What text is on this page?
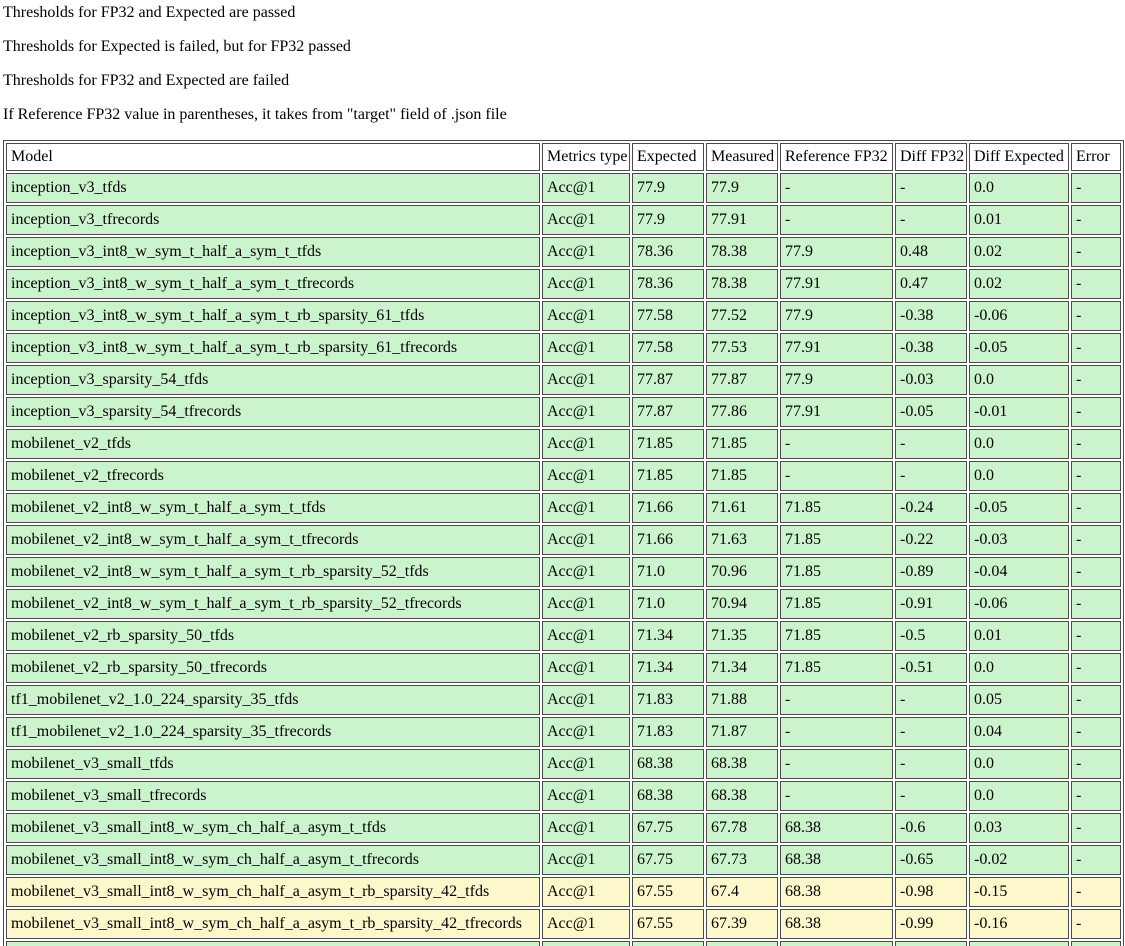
Thresholds for FP32 and Expected are passed

Thresholds for Expected is failed, but for FP32 passed

Thresholds for FP32 and Expected are failed

If Reference FP32 value in parentheses, it takes from "target" field of .json file

Model	Metrics type	Expected	Measured	Reference FP32	Diff FP32	Diff Expected	Error
inception_v3_tfds	Acc@1	77.9	77.9	-	-	0.0	-
inception_v3_tfrecords	Acc@1	77.9	77.91	-	-	0.01	-
inception_v3_int8_w_sym_t_half_a_sym_t_tfds	Acc@1	78.36	78.38	77.9	0.48	0.02	-
inception_v3_int8_w_sym_t_half_a_sym_t_tfrecords	Acc@1	78.36	78.38	77.91	0.47	0.02	-
inception_v3_int8_w_sym_t_half_a_sym_t_rb_sparsity_61_tfds	Acc@1	77.58	77.52	77.9	-0.38	-0.06	-
inception_v3_int8_w_sym_t_half_a_sym_t_rb_sparsity_61_tfrecords	Acc@1	77.58	77.53	77.91	-0.38	-0.05	-
inception_v3_sparsity_54_tfds	Acc@1	77.87	77.87	77.9	-0.03	0.0	-
inception_v3_sparsity_54_tfrecords	Acc@1	77.87	77.86	77.91	-0.05	-0.01	-
mobilenet_v2_tfds	Acc@1	71.85	71.85	-	-	0.0	-
mobilenet_v2_tfrecords	Acc@1	71.85	71.85	-	-	0.0	-
mobilenet_v2_int8_w_sym_t_half_a_sym_t_tfds	Acc@1	71.66	71.61	71.85	-0.24	-0.05	-
mobilenet_v2_int8_w_sym_t_half_a_sym_t_tfrecords	Acc@1	71.66	71.63	71.85	-0.22	-0.03	-
mobilenet_v2_int8_w_sym_t_half_a_sym_t_rb_sparsity_52_tfds	Acc@1	71.0	70.96	71.85	-0.89	-0.04	-
mobilenet_v2_int8_w_sym_t_half_a_sym_t_rb_sparsity_52_tfrecords	Acc@1	71.0	70.94	71.85	-0.91	-0.06	-
mobilenet_v2_rb_sparsity_50_tfds	Acc@1	71.34	71.35	71.85	-0.5	0.01	-
mobilenet_v2_rb_sparsity_50_tfrecords	Acc@1	71.34	71.34	71.85	-0.51	0.0	-
tf1_mobilenet_v2_1.0_224_sparsity_35_tfds	Acc@1	71.83	71.88	-	-	0.05	-
tf1_mobilenet_v2_1.0_224_sparsity_35_tfrecords	Acc@1	71.83	71.87	-	-	0.04	-
mobilenet_v3_small_tfds	Acc@1	68.38	68.38	-	-	0.0	-
mobilenet_v3_small_tfrecords	Acc@1	68.38	68.38	-	-	0.0	-
mobilenet_v3_small_int8_w_sym_ch_half_a_asym_t_tfds	Acc@1	67.75	67.78	68.38	-0.6	0.03	-
mobilenet_v3_small_int8_w_sym_ch_half_a_asym_t_tfrecords	Acc@1	67.75	67.73	68.38	-0.65	-0.02	-
mobilenet_v3_small_int8_w_sym_ch_half_a_asym_t_rb_sparsity_42_tfds	Acc@1	67.55	67.4	68.38	-0.98	-0.15	-
mobilenet_v3_small_int8_w_sym_ch_half_a_asym_t_rb_sparsity_42_tfrecords	Acc@1	67.55	67.39	68.38	-0.99	-0.16	-
